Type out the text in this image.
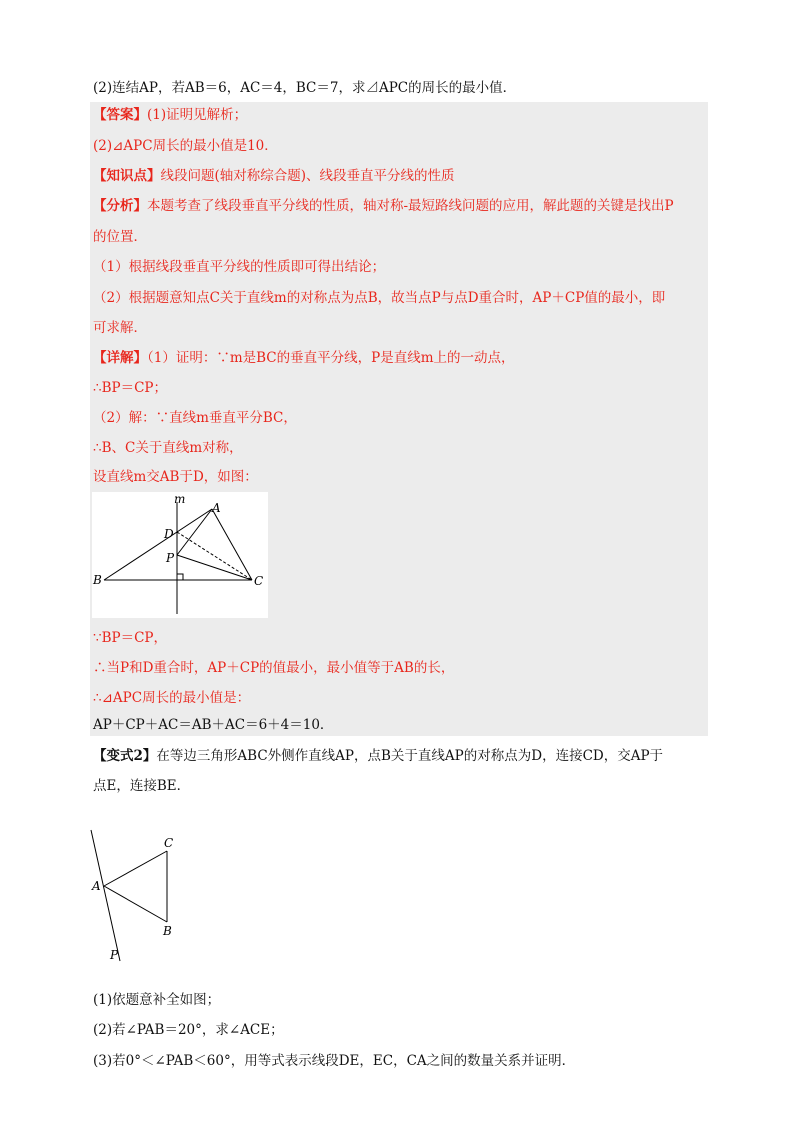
(2)连结AP，若AB＝6，AC＝4，BC＝7，求⊿APC的周长的最小值．
【答案】(1)证明见解析；
(2)⊿APC周长的最小值是10．
【知识点】线段问题(轴对称综合题)、线段垂直平分线的性质
【分析】本题考查了线段垂直平分线的性质，轴对称-最短路线问题的应用，解此题的关键是找出P
的位置．
（1）根据线段垂直平分线的性质即可得出结论；
（2）根据题意知点C关于直线m的对称点为点B，故当点P与点D重合时，AP＋CP值的最小，即
可求解．
【详解】（1）证明：∵m是BC的垂直平分线，P是直线m上的一动点，
∴BP＝CP；
（2）解：∵直线m垂直平分BC，
∴B、C关于直线m对称，
设直线m交AB于D，如图：
m
A
D
P
B	C
∵BP＝CP，
∴当P和D重合时，AP＋CP的值最小，最小值等于AB的长，
∴⊿APC周长的最小值是：
AP＋CP＋AC＝AB＋AC＝6＋4＝10．
【变式2】在等边三角形ABC外侧作直线AP，点B关于直线AP的对称点为D，连接CD，交AP于
点E，连接BE．
C
A
B
P
(1)依题意补全如图；
(2)若∠PAB＝20°，求∠ACE；
(3)若0°＜∠PAB＜60°，用等式表示线段DE，EC，CA之间的数量关系并证明．
